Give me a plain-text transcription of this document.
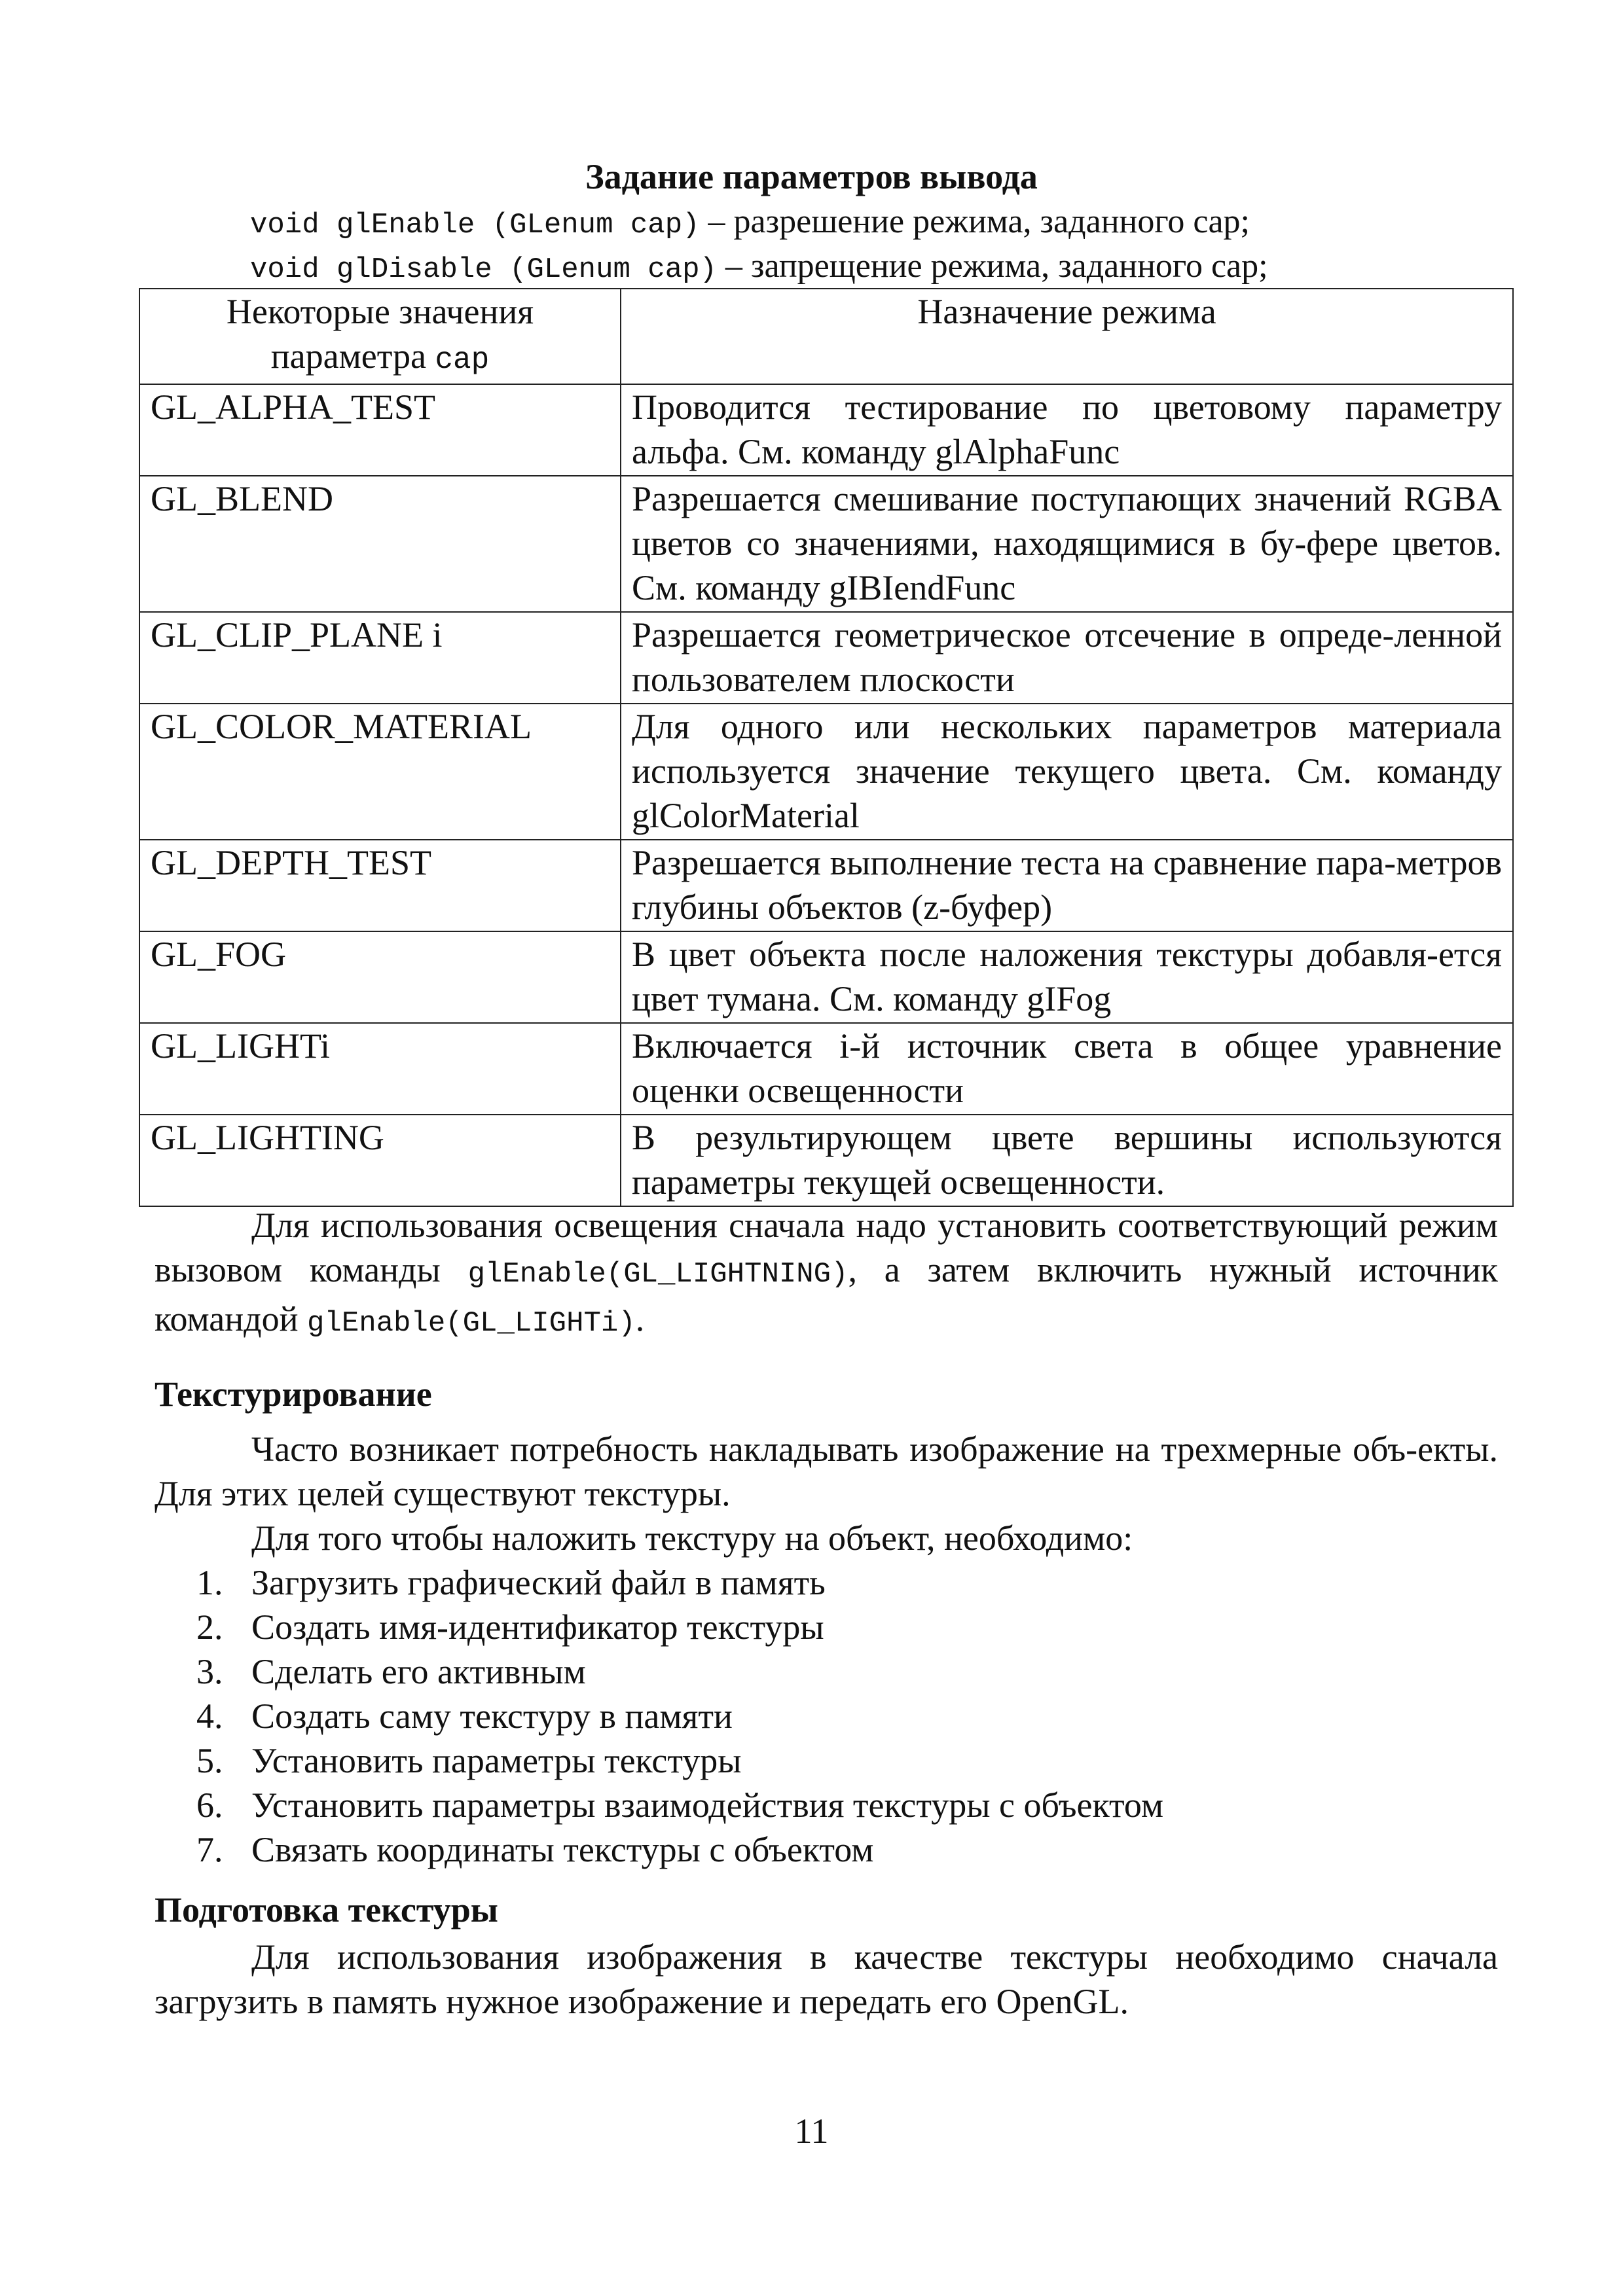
Задание параметров вывода
void glEnable (GLenum cap) – разрешение режима, заданного cap;
void glDisable (GLenum cap) – запрещение режима, заданного cap;
Некоторые значения параметра cap	Назначение режима
GL_ALPHA_TEST	Проводится тестирование по цветовому параметру альфа. См. команду glAlphaFunc
GL_BLEND	Разрешается смешивание поступающих значений RGBA цветов со значениями, находящимися в бу-фере цветов. См. команду gIBIendFunc
GL_CLIP_PLANE i	Разрешается геометрическое отсечение в опреде-ленной пользователем плоскости
GL_COLOR_MATERIAL	Для одного или нескольких параметров материала используется значение текущего цвета. См. команду glColorMaterial
GL_DEPTH_TEST	Разрешается выполнение теста на сравнение пара-метров глубины объектов (z-буфер)
GL_FOG	В цвет объекта после наложения текстуры добавля-ется цвет тумана. См. команду gIFog
GL_LIGHTi	Включается i-й источник света в общее уравнение оценки освещенности
GL_LIGHTING	В результирующем цвете вершины используются параметры текущей освещенности.
Для использования освещения сначала надо установить соответствующий режим вызовом команды glEnable(GL_LIGHTNING), а затем включить нужный источник командой glEnable(GL_LIGHTi).
Текстурирование
Часто возникает потребность накладывать изображение на трехмерные объ-екты. Для этих целей существуют текстуры.
Для того чтобы наложить текстуру на объект, необходимо:
1. Загрузить графический файл в память
2. Создать имя-идентификатор текстуры
3. Сделать его активным
4. Создать саму текстуру в памяти
5. Установить параметры текстуры
6. Установить параметры взаимодействия текстуры с объектом
7. Связать координаты текстуры с объектом
Подготовка текстуры
Для использования изображения в качестве текстуры необходимо сначала загрузить в память нужное изображение и передать его OpenGL.
11
